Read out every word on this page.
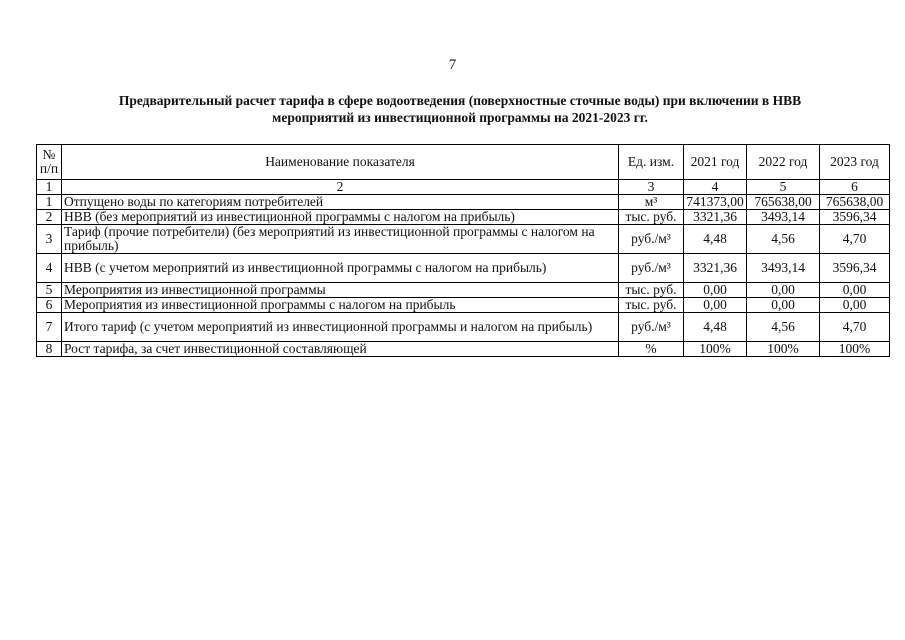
7
Предварительный расчет тарифа в сфере водоотведения (поверхностные сточные воды) при включении в НВВ
мероприятий из инвестиционной программы на 2021-2023 гг.
№ п/п	Наименование показателя	Ед. изм.	2021 год	2022 год	2023 год
1	2	3	4	5	6
1	Отпущено воды по категориям потребителей	м³	741373,00	765638,00	765638,00
2	НВВ (без мероприятий из инвестиционной программы с налогом на прибыль)	тыс. руб.	3321,36	3493,14	3596,34
3	Тариф (прочие потребители) (без мероприятий из инвестиционной программы с налогом на прибыль)	руб./м³	4,48	4,56	4,70
4	НВВ (с учетом мероприятий из инвестиционной программы с налогом на прибыль)	руб./м³	3321,36	3493,14	3596,34
5	Мероприятия из инвестиционной программы	тыс. руб.	0,00	0,00	0,00
6	Мероприятия из инвестиционной программы с налогом на прибыль	тыс. руб.	0,00	0,00	0,00
7	Итого тариф (с учетом мероприятий из инвестиционной программы и налогом на прибыль)	руб./м³	4,48	4,56	4,70
8	Рост тарифа, за счет инвестиционной составляющей	%	100%	100%	100%
